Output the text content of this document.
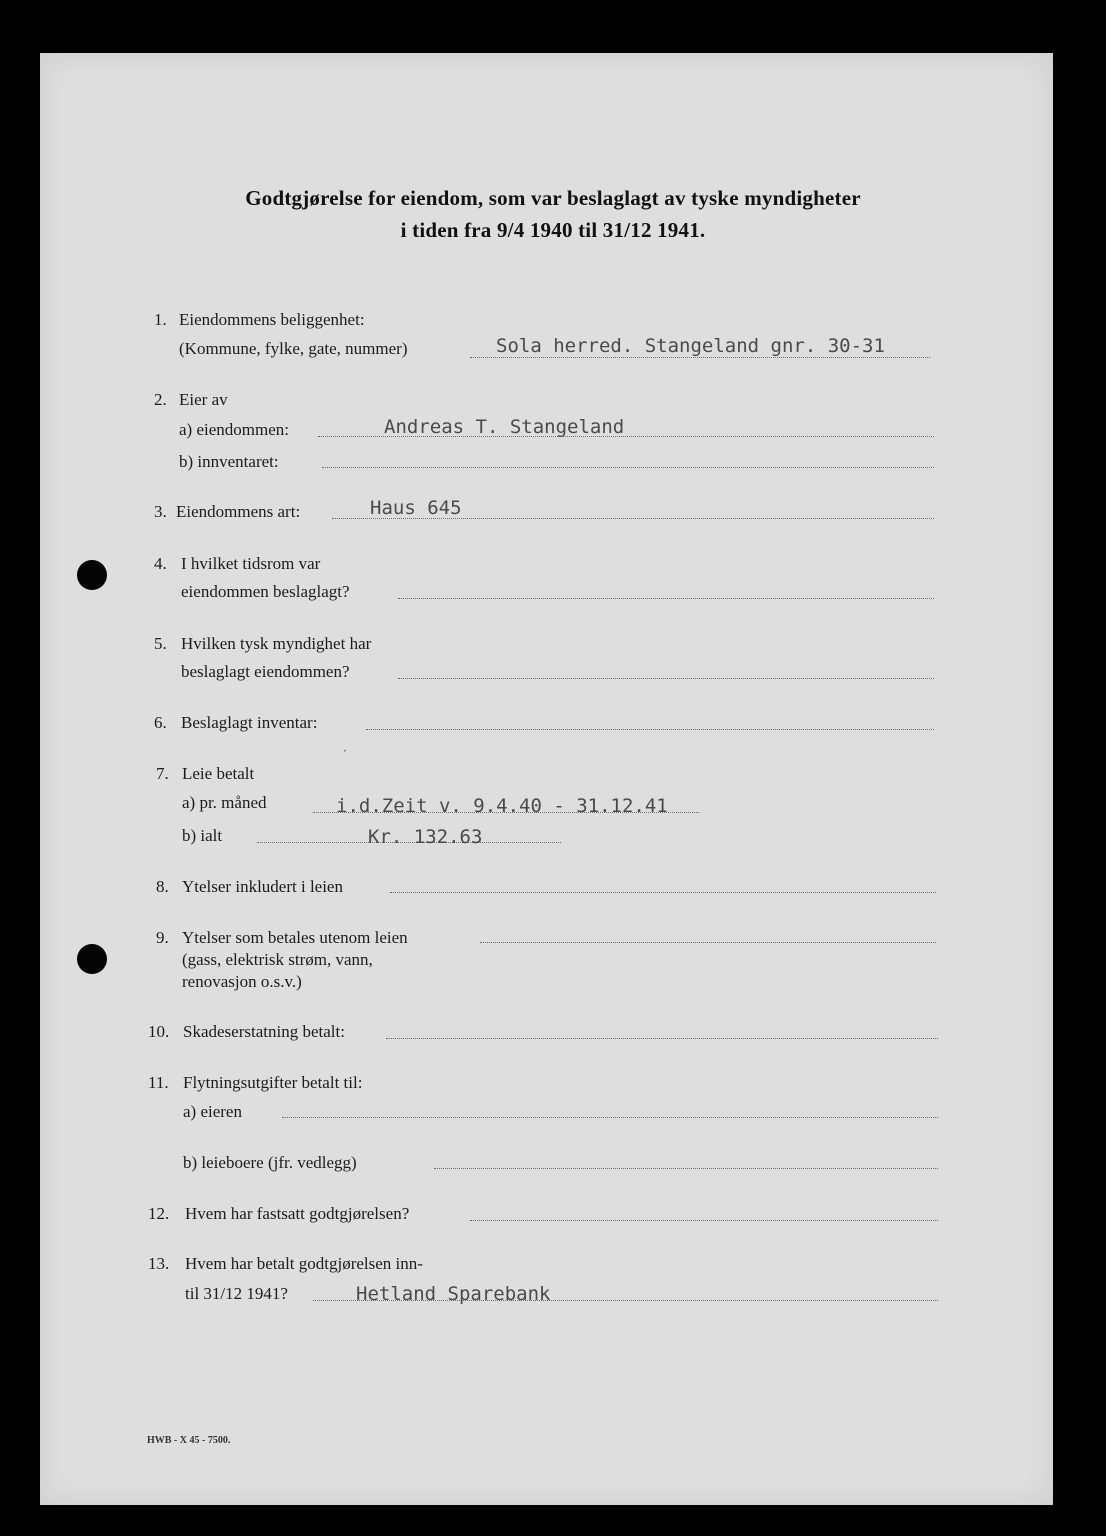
Godtgjørelse for eiendom, som var beslaglagt av tyske myndigheter
i tiden fra 9/4 1940 til 31/12 1941.
1. Eiendommens beliggenhet:
(Kommune, fylke, gate, nummer)	Sola herred. Stangeland gnr. 30-31
2. Eier av
a) eiendommen:	Andreas T. Stangeland
b) innventaret:
3. Eiendommens art:	Haus 645
4. I hvilket tidsrom var
eiendommen beslaglagt?
5. Hvilken tysk myndighet har
beslaglagt eiendommen?
6. Beslaglagt inventar:
·
7. Leie betalt
a) pr. måned	i.d.Zeit v. 9.4.40 - 31.12.41
b) ialt	Kr. 132.63
8. Ytelser inkludert i leien
9. Ytelser som betales utenom leien
(gass, elektrisk strøm, vann,
renovasjon o.s.v.)
10. Skadeserstatning betalt:
11. Flytningsutgifter betalt til:
a) eieren
b) leieboere (jfr. vedlegg)
12. Hvem har fastsatt godtgjørelsen?
13. Hvem har betalt godtgjørelsen inn-
til 31/12 1941?	Hetland Sparebank
HWB - X 45 - 7500.
